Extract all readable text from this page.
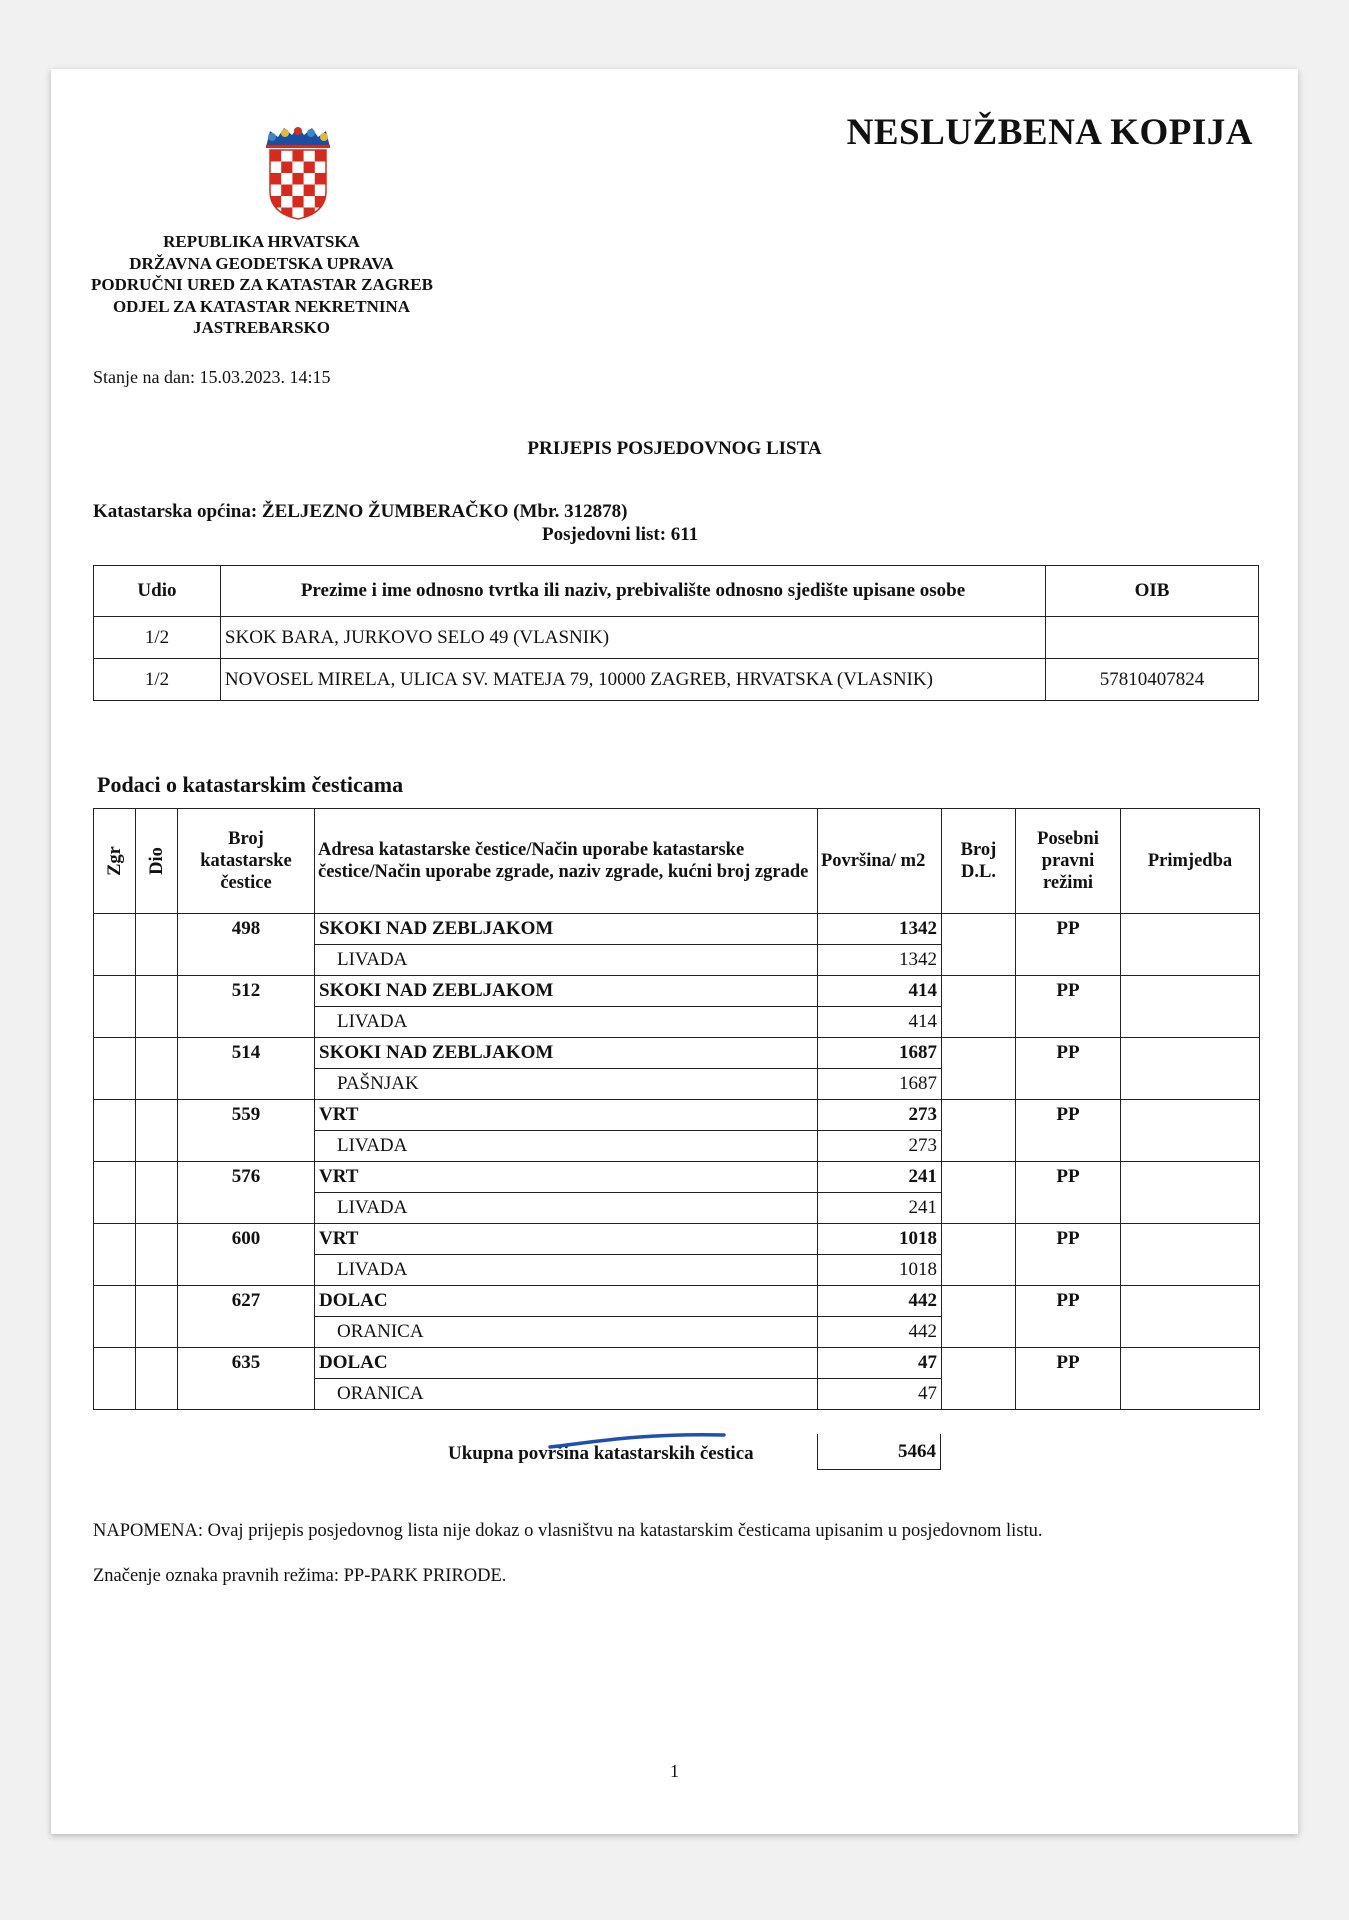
NESLUŽBENA KOPIJA
REPUBLIKA HRVATSKA
DRŽAVNA GEODETSKA UPRAVA
PODRUČNI URED ZA KATASTAR ZAGREB
ODJEL ZA KATASTAR NEKRETNINA
JASTREBARSKO
Stanje na dan: 15.03.2023. 14:15
PRIJEPIS POSJEDOVNOG LISTA
Katastarska općina: ŽELJEZNO ŽUMBERAČKO (Mbr. 312878)
Posjedovni list: 611
Udio	Prezime i ime odnosno tvrtka ili naziv, prebivalište odnosno sjedište upisane osobe	OIB
1/2	SKOK BARA, JURKOVO SELO 49 (VLASNIK)	
1/2	NOVOSEL MIRELA, ULICA SV. MATEJA 79, 10000 ZAGREB, HRVATSKA (VLASNIK)	57810407824
Podaci o katastarskim česticama
Zgr	Dio	Broj katastarske čestice	Adresa katastarske čestice/Način uporabe katastarske čestice/Način uporabe zgrade, naziv zgrade, kućni broj zgrade	Površina/ m2	Broj D.L.	Posebni pravni režimi	Primjedba
		498	SKOKI NAD ZEBLJAKOM	1342		PP	
			LIVADA	1342			
		512	SKOKI NAD ZEBLJAKOM	414		PP	
			LIVADA	414			
		514	SKOKI NAD ZEBLJAKOM	1687		PP	
			PAŠNJAK	1687			
		559	VRT	273		PP	
			LIVADA	273			
		576	VRT	241		PP	
			LIVADA	241			
		600	VRT	1018		PP	
			LIVADA	1018			
		627	DOLAC	442		PP	
			ORANICA	442			
		635	DOLAC	47		PP	
			ORANICA	47			
Ukupna površina katastarskih čestica	5464
NAPOMENA: Ovaj prijepis posjedovnog lista nije dokaz o vlasništvu na katastarskim česticama upisanim u posjedovnom listu.
Značenje oznaka pravnih režima: PP-PARK PRIRODE.
1
